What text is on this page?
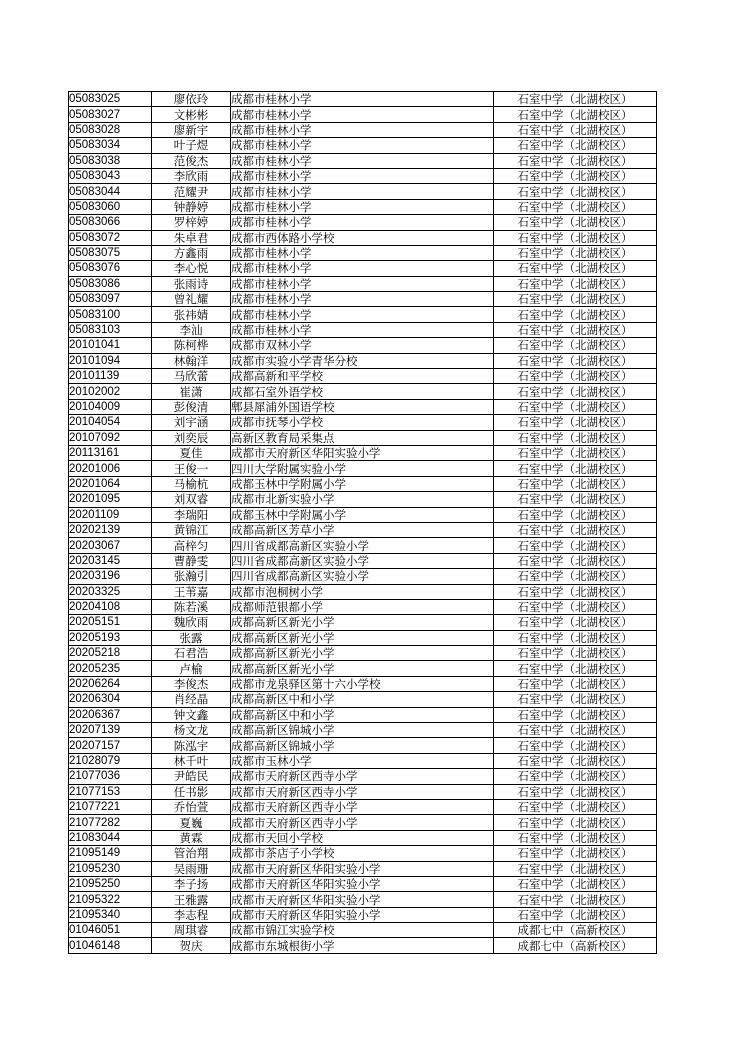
05083025	廖依玲	成都市桂林小学	石室中学（北湖校区）
05083027	文彬彬	成都市桂林小学	石室中学（北湖校区）
05083028	廖新宇	成都市桂林小学	石室中学（北湖校区）
05083034	叶子煜	成都市桂林小学	石室中学（北湖校区）
05083038	范俊杰	成都市桂林小学	石室中学（北湖校区）
05083043	李欣雨	成都市桂林小学	石室中学（北湖校区）
05083044	范耀尹	成都市桂林小学	石室中学（北湖校区）
05083060	钟静婷	成都市桂林小学	石室中学（北湖校区）
05083066	罗梓婷	成都市桂林小学	石室中学（北湖校区）
05083072	朱卓君	成都市西体路小学校	石室中学（北湖校区）
05083075	方鑫雨	成都市桂林小学	石室中学（北湖校区）
05083076	李心悦	成都市桂林小学	石室中学（北湖校区）
05083086	张雨诗	成都市桂林小学	石室中学（北湖校区）
05083097	曾礼耀	成都市桂林小学	石室中学（北湖校区）
05083100	张祎婧	成都市桂林小学	石室中学（北湖校区）
05083103	李汕	成都市桂林小学	石室中学（北湖校区）
20101041	陈柯桦	成都市双林小学	石室中学（北湖校区）
20101094	林翰洋	成都市实验小学青华分校	石室中学（北湖校区）
20101139	马欣蕾	成都高新和平学校	石室中学（北湖校区）
20102002	崔潇	成都石室外语学校	石室中学（北湖校区）
20104009	彭俊清	郫县犀浦外国语学校	石室中学（北湖校区）
20104054	刘宇涵	成都市抚琴小学校	石室中学（北湖校区）
20107092	刘奕辰	高新区教育局采集点	石室中学（北湖校区）
20113161	夏佳	成都市天府新区华阳实验小学	石室中学（北湖校区）
20201006	王俊一	四川大学附属实验小学	石室中学（北湖校区）
20201064	马榆杭	成都玉林中学附属小学	石室中学（北湖校区）
20201095	刘双睿	成都市北新实验小学	石室中学（北湖校区）
20201109	李瑞阳	成都玉林中学附属小学	石室中学（北湖校区）
20202139	黄锦江	成都高新区芳草小学	石室中学（北湖校区）
20203067	高梓匀	四川省成都高新区实验小学	石室中学（北湖校区）
20203145	曹静雯	四川省成都高新区实验小学	石室中学（北湖校区）
20203196	张瀚引	四川省成都高新区实验小学	石室中学（北湖校区）
20203325	王苇嘉	成都市泡桐树小学	石室中学（北湖校区）
20204108	陈若溪	成都师范银都小学	石室中学（北湖校区）
20205151	魏欣雨	成都高新区新光小学	石室中学（北湖校区）
20205193	张露	成都高新区新光小学	石室中学（北湖校区）
20205218	石君浩	成都高新区新光小学	石室中学（北湖校区）
20205235	卢榆	成都高新区新光小学	石室中学（北湖校区）
20206264	李俊杰	成都市龙泉驿区第十六小学校	石室中学（北湖校区）
20206304	肖经晶	成都高新区中和小学	石室中学（北湖校区）
20206367	钟文鑫	成都高新区中和小学	石室中学（北湖校区）
20207139	杨文龙	成都高新区锦城小学	石室中学（北湖校区）
20207157	陈泓宇	成都高新区锦城小学	石室中学（北湖校区）
21028079	林千叶	成都市玉林小学	石室中学（北湖校区）
21077036	尹皓民	成都市天府新区西寺小学	石室中学（北湖校区）
21077153	任书影	成都市天府新区西寺小学	石室中学（北湖校区）
21077221	乔怡萱	成都市天府新区西寺小学	石室中学（北湖校区）
21077282	夏巍	成都市天府新区西寺小学	石室中学（北湖校区）
21083044	黄霖	成都市天回小学校	石室中学（北湖校区）
21095149	管治翔	成都市茶店子小学校	石室中学（北湖校区）
21095230	吴雨珊	成都市天府新区华阳实验小学	石室中学（北湖校区）
21095250	李子扬	成都市天府新区华阳实验小学	石室中学（北湖校区）
21095322	王雅露	成都市天府新区华阳实验小学	石室中学（北湖校区）
21095340	李志程	成都市天府新区华阳实验小学	石室中学（北湖校区）
01046051	周琪睿	成都市锦江实验学校	成都七中（高新校区）
01046148	贺庆	成都市东城根街小学	成都七中（高新校区）
